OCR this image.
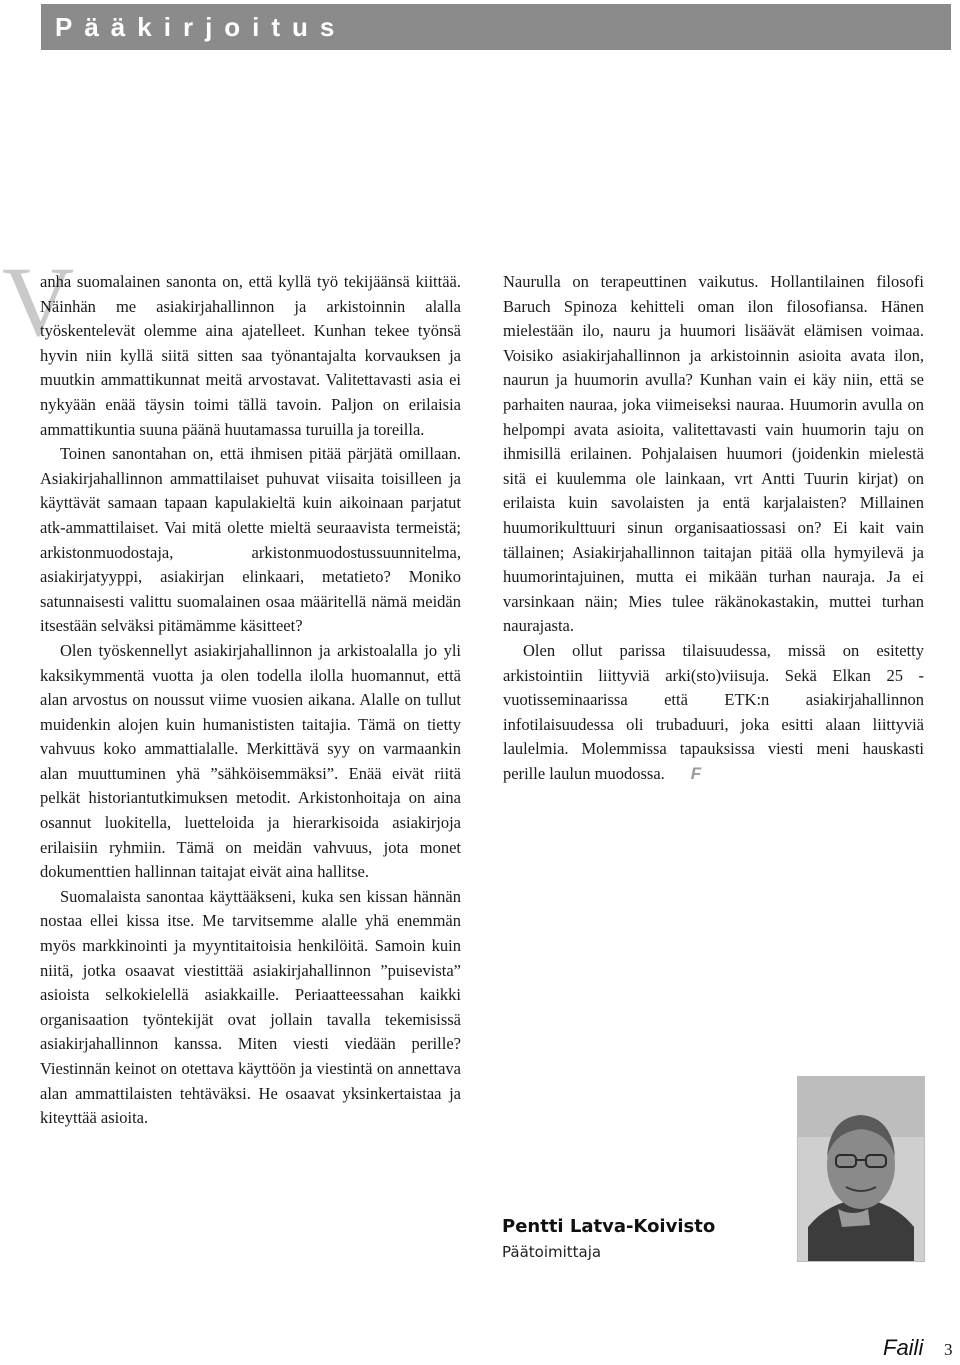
Pääkirjoitus
V

anha suomalainen sanonta on, että kyllä työ tekijäänsä kiittää. Näinhän me asiakirjahallinnon ja arkistoinnin alalla työskentelevät olemme aina ajatelleet. Kunhan tekee työnsä hyvin niin kyllä siitä sitten saa työnantajalta korvauksen ja muutkin ammattikunnat meitä arvostavat. Valitettavasti asia ei nykyään enää täysin toimi tällä tavoin. Paljon on erilaisia ammattikuntia suuna päänä huutamassa turuilla ja toreilla.

Toinen sanontahan on, että ihmisen pitää pärjätä omillaan. Asiakirjahallinnon ammattilaiset puhuvat viisaita toisilleen ja käyttävät samaan tapaan kapulakieltä kuin aikoinaan parjatut atk-ammattilaiset. Vai mitä olette mieltä seuraavista termeistä; arkistonmuodostaja, arkistonmuodostussuunnitelma, asiakirjatyyppi, asiakirjan elinkaari, metatieto? Moniko satunnaisesti valittu suomalainen osaa määritellä nämä meidän itsestään selväksi pitämämme käsitteet?

Olen työskennellyt asiakirjahallinnon ja arkistoalalla jo yli kaksikymmentä vuotta ja olen todella ilolla huomannut, että alan arvostus on noussut viime vuosien aikana. Alalle on tullut muidenkin alojen kuin humanististen taitajia. Tämä on tietty vahvuus koko ammattialalle. Merkittävä syy on varmaankin alan muuttuminen yhä ”sähköisemmäksi”. Enää eivät riitä pelkät historiantutkimuksen metodit. Arkistonhoitaja on aina osannut luokitella, luetteloida ja hierarkisoida asiakirjoja erilaisiin ryhmiin. Tämä on meidän vahvuus, jota monet dokumenttien hallinnan taitajat eivät aina hallitse.

Suomalaista sanontaa käyttääkseni, kuka sen kissan hännän nostaa ellei kissa itse. Me tarvitsemme alalle yhä enemmän myös markkinointi ja myyntitaitoisia henkilöitä. Samoin kuin niitä, jotka osaavat viestittää asiakirjahallinnon ”puisevista” asioista selkokielellä asiakkaille. Periaatteessahan kaikki organisaation työntekijät ovat jollain tavalla tekemisissä asiakirjahallinnon kanssa. Miten viesti viedään perille? Viestinnän keinot on otettava käyttöön ja viestintä on annettava alan ammattilaisten tehtäväksi. He osaavat yksinkertaistaa ja kiteyttää asioita.

Naurulla on terapeuttinen vaikutus. Hollantilainen filosofi Baruch Spinoza kehitteli oman ilon filosofiansa. Hänen mielestään ilo, nauru ja huumori lisäävät elämisen voimaa. Voisiko asiakirjahallinnon ja arkistoinnin asioita avata ilon, naurun ja huumorin avulla? Kunhan vain ei käy niin, että se parhaiten nauraa, joka viimeiseksi nauraa. Huumorin avulla on helpompi avata asioita, valitettavasti vain huumorin taju on ihmisillä erilainen. Pohjalaisen huumori (joidenkin mielestä sitä ei kuulemma ole lainkaan, vrt Antti Tuurin kirjat) on erilaista kuin savolaisten ja entä karjalaisten? Millainen huumorikulttuuri sinun organisaatiossasi on? Ei kait vain tällainen; Asiakirjahallinnon taitajan pitää olla hymyilevä ja huumorintajuinen, mutta ei mikään turhan nauraja. Ja ei varsinkaan näin; Mies tulee räkänokastakin, muttei turhan naurajasta.

Olen ollut parissa tilaisuudessa, missä on esitetty arkistointiin liittyviä arki(sto)viisuja. Sekä Elkan 25 -vuotisseminaarissa että ETK:n asiakirjahallinnon infotilaisuudessa oli trubaduuri, joka esitti alaan liittyviä laulelmia. Molemmissa tapauksissa viesti meni hauskasti perille laulun muodossa. F

Pentti Latva-Koivisto
Päätoimittaja
Faili 3
